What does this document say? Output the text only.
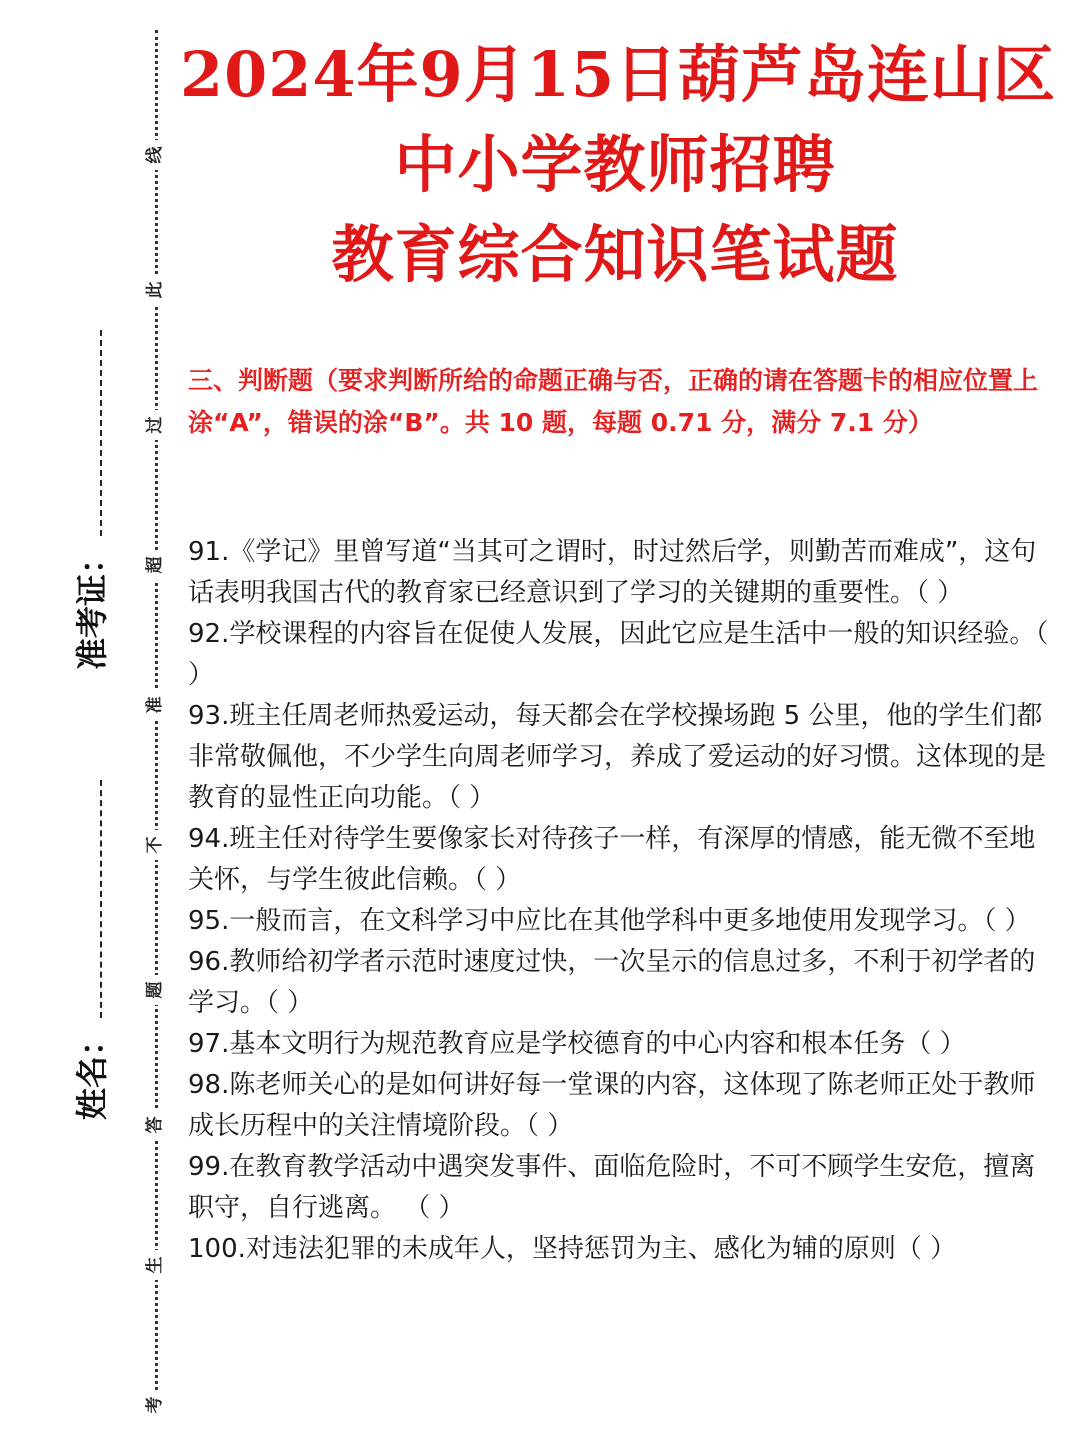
线
此
过
超
准
不
题
答
生
考
准考证：
姓名：
2024年9月15日葫芦岛连山区
中小学教师招聘
教育综合知识笔试题
三、判断题（要求判断所给的命题正确与否，正确的请在答题卡的相应位置上涂“A”，错误的涂“B”。共 10 题，每题 0.71 分，满分 7.1 分）

91.《学记》里曾写道“当其可之谓时，时过然后学，则勤苦而难成”，这句话表明我国古代的教育家已经意识到了学习的关键期的重要性。（ ）

92.学校课程的内容旨在促使人发展，因此它应是生活中一般的知识经验。（ ）

93.班主任周老师热爱运动，每天都会在学校操场跑 5 公里，他的学生们都非常敬佩他，不少学生向周老师学习，养成了爱运动的好习惯。这体现的是教育的显性正向功能。（ ）

94.班主任对待学生要像家长对待孩子一样，有深厚的情感，能无微不至地关怀，与学生彼此信赖。（ ）

95.一般而言，在文科学习中应比在其他学科中更多地使用发现学习。（ ）

96.教师给初学者示范时速度过快，一次呈示的信息过多，不利于初学者的学习。（ ）

97.基本文明行为规范教育应是学校德育的中心内容和根本任务（ ）

98.陈老师关心的是如何讲好每一堂课的内容，这体现了陈老师正处于教师成长历程中的关注情境阶段。（ ）

99.在教育教学活动中遇突发事件、面临危险时，不可不顾学生安危，擅离职守，自行逃离。 （ ）

100.对违法犯罪的未成年人，坚持惩罚为主、感化为辅的原则（ ）
